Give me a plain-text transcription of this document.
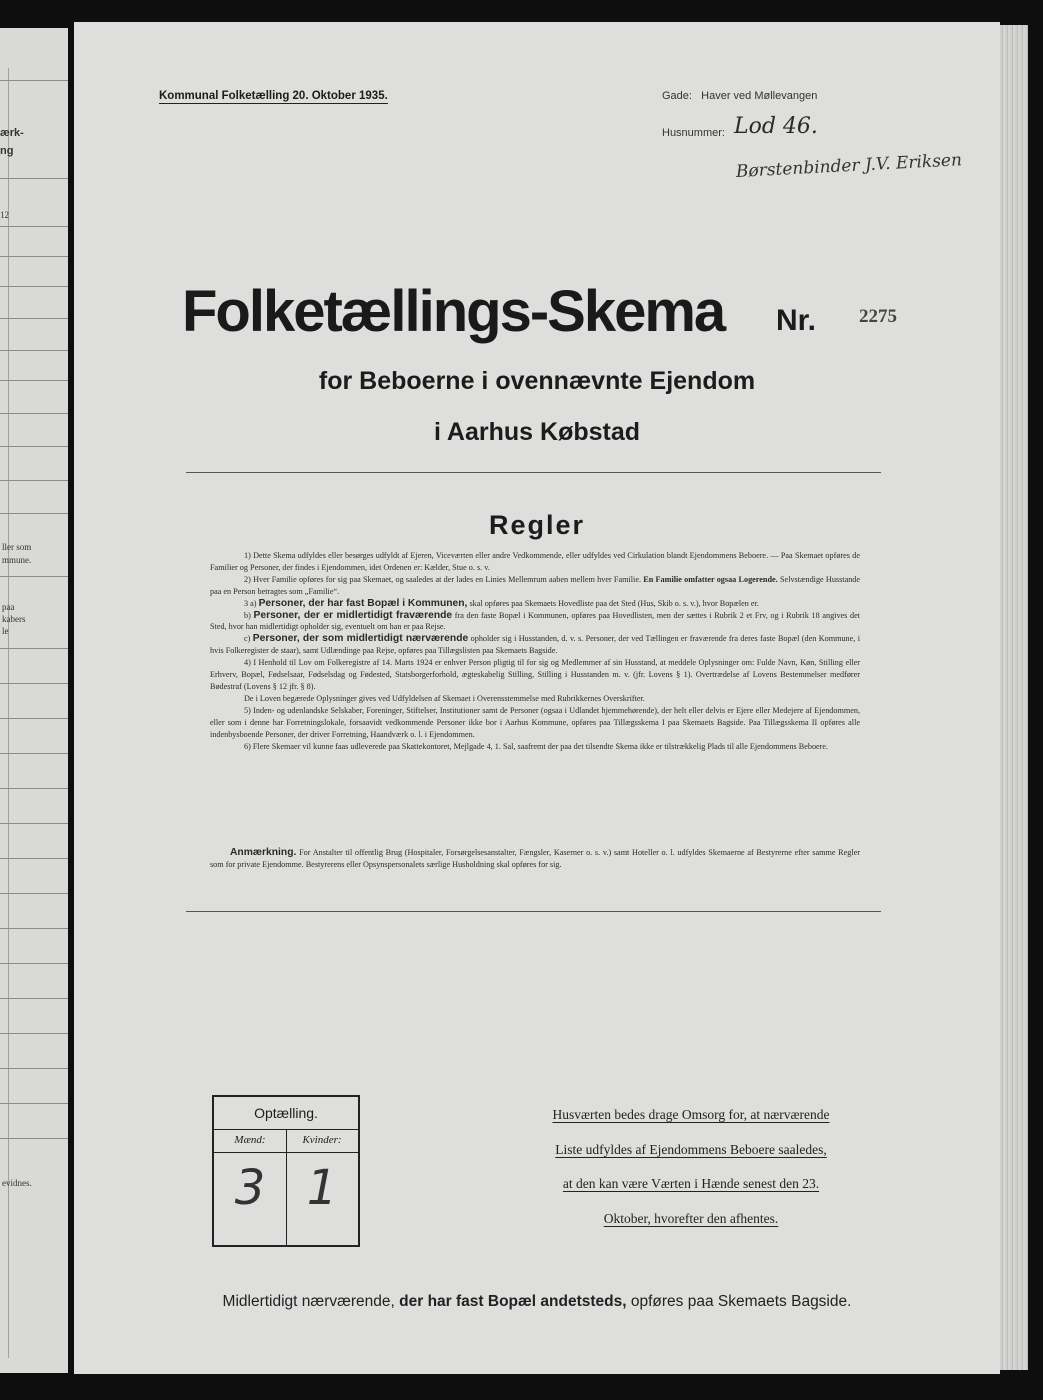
ærk-
ng
12
ller som
mmune.
paa
kabers
le
evidnes.
Kommunal Folketælling 20. Oktober 1935.	Gade: Haver ved Møllevangen
Husnummer: Lod 46.
Børstenbinder J.V. Eriksen
Folketællings-Skema Nr. 2275
for Beboerne i ovennævnte Ejendom
i Aarhus Købstad
Regler

1) Dette Skema udfyldes eller besørges udfyldt af Ejeren, Viceværten eller andre Vedkommende, eller udfyldes ved Cirkulation blandt Ejendommens Beboere. — Paa Skemaet opføres de Familier og Personer, der findes i Ejendommen, idet Ordenen er: Kælder, Stue o. s. v.

2) Hver Familie opføres for sig paa Skemaet, og saaledes at der lades en Linies Mellemrum aaben mellem hver Familie. En Familie omfatter ogsaa Logerende. Selvstændige Husstande paa en Person betragtes som „Familie“.

3 a) Personer, der har fast Bopæl i Kommunen, skal opføres paa Skemaets Hovedliste paa det Sted (Hus, Skib o. s. v.), hvor Bopælen er.

b) Personer, der er midlertidigt fraværende fra den faste Bopæl i Kommunen, opføres paa Hovedlisten, men der sættes i Rubrik 2 et Frv, og i Rubrik 18 angives det Sted, hvor han midlertidigt opholder sig, eventuelt om han er paa Rejse.

c) Personer, der som midlertidigt nærværende opholder sig i Husstanden, d. v. s. Personer, der ved Tællingen er fraværende fra deres faste Bopæl (den Kommune, i hvis Folkeregister de staar), samt Udlændinge paa Rejse, opføres paa Tillægslisten paa Skemaets Bagside.

4) I Henhold til Lov om Folkeregistre af 14. Marts 1924 er enhver Person pligtig til for sig og Medlemmer af sin Husstand, at meddele Oplysninger om: Fulde Navn, Køn, Stilling eller Erhverv, Bopæl, Fødselsaar, Fødselsdag og Fødested, Statsborgerforhold, ægteskabelig Stilling, Stilling i Husstanden m. v. (jfr. Lovens § 1). Overtrædelse af Lovens Bestemmelser medfører Bødestraf (Lovens § 12 jfr. § 8).

De i Loven begærede Oplysninger gives ved Udfyldelsen af Skemaet i Overensstemmelse med Rubrikkernes Overskrifter.

5) Inden- og udenlandske Selskaber, Foreninger, Stiftelser, Institutioner samt de Personer (ogsaa i Udlandet hjemmehørende), der helt eller delvis er Ejere eller Medejere af Ejendommen, eller som i denne har Forretningslokale, forsaavidt vedkommende Personer ikke bor i Aarhus Kommune, opføres paa Tillægsskema I paa Skemaets Bagside. Paa Tillægsskema II opføres alle indenbysboende Personer, der driver Forretning, Haandværk o. l. i Ejendommen.

6) Flere Skemaer vil kunne faas udleverede paa Skattekontoret, Mejlgade 4, 1. Sal, saafremt der paa det tilsendte Skema ikke er tilstrækkelig Plads til alle Ejendommens Beboere.

Anmærkning. For Anstalter til offentlig Brug (Hospitaler, Forsørgelsesanstalter, Fængsler, Kaserner o. s. v.) samt Hoteller o. l. udfyldes Skemaerne af Bestyrerne efter samme Regler som for private Ejendomme. Bestyrerens eller Opsynspersonalets særlige Husholdning skal opføres for sig.

Optælling.
Mænd:
3
Kvinder:
1
Husværten bedes drage Omsorg for, at nærværende
Liste udfyldes af Ejendommens Beboere saaledes,
at den kan være Værten i Hænde senest den 23.
Oktober, hvorefter den afhentes.
Midlertidigt nærværende, der har fast Bopæl andetsteds, opføres paa Skemaets Bagside.
